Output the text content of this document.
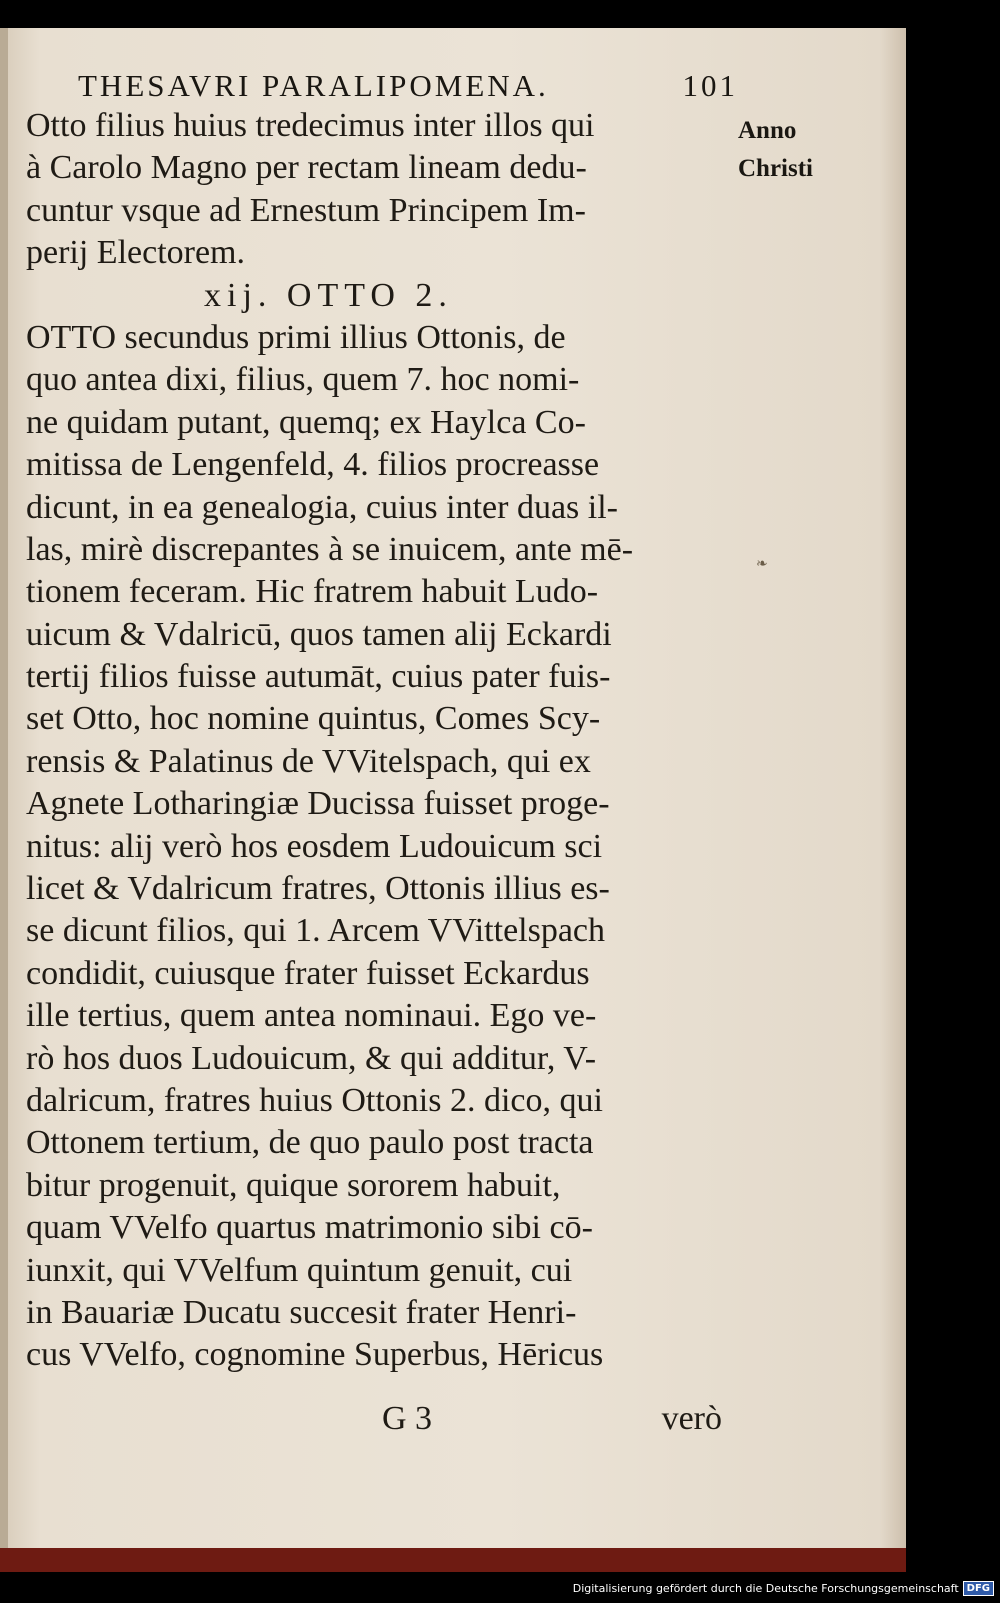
THESAVRI PARALIPOMENA.	101
Anno
Christi
❧
Otto filius huius tredecimus inter illos qui
à Carolo Magno per rectam lineam dedu-
cuntur vsque ad Ernestum Principem Im-
perij Electorem.
xij. OTTO 2.
OTTO secundus primi illius Ottonis, de
quo antea dixi, filius, quem 7. hoc nomi-
ne quidam putant, quemq; ex Haylca Co-
mitissa de Lengenfeld, 4. filios procreasse
dicunt, in ea genealogia, cuius inter duas il-
las, mirè discrepantes à se inuicem, ante mē-
tionem feceram. Hic fratrem habuit Ludo-
uicum & Vdalricū, quos tamen alij Eckardi
tertij filios fuisse autumāt, cuius pater fuis-
set Otto, hoc nomine quintus, Comes Scy-
rensis & Palatinus de VVitelspach, qui ex
Agnete Lotharingiæ Ducissa fuisset proge-
nitus: alij verò hos eosdem Ludouicum sci
licet & Vdalricum fratres, Ottonis illius es-
se dicunt filios, qui 1. Arcem VVittelspach
condidit, cuiusque frater fuisset Eckardus
ille tertius, quem antea nominaui. Ego ve-
rò hos duos Ludouicum, & qui additur, V-
dalricum, fratres huius Ottonis 2. dico, qui
Ottonem tertium, de quo paulo post tracta
bitur progenuit, quique sororem habuit,
quam VVelfo quartus matrimonio sibi cō-
iunxit, qui VVelfum quintum genuit, cui
in Bauariæ Ducatu succesit frater Henri-
cus VVelfo, cognomine Superbus, Hēricus
G 3	verò
Digitalisierung gefördert durch die Deutsche Forschungsgemeinschaft DFG
